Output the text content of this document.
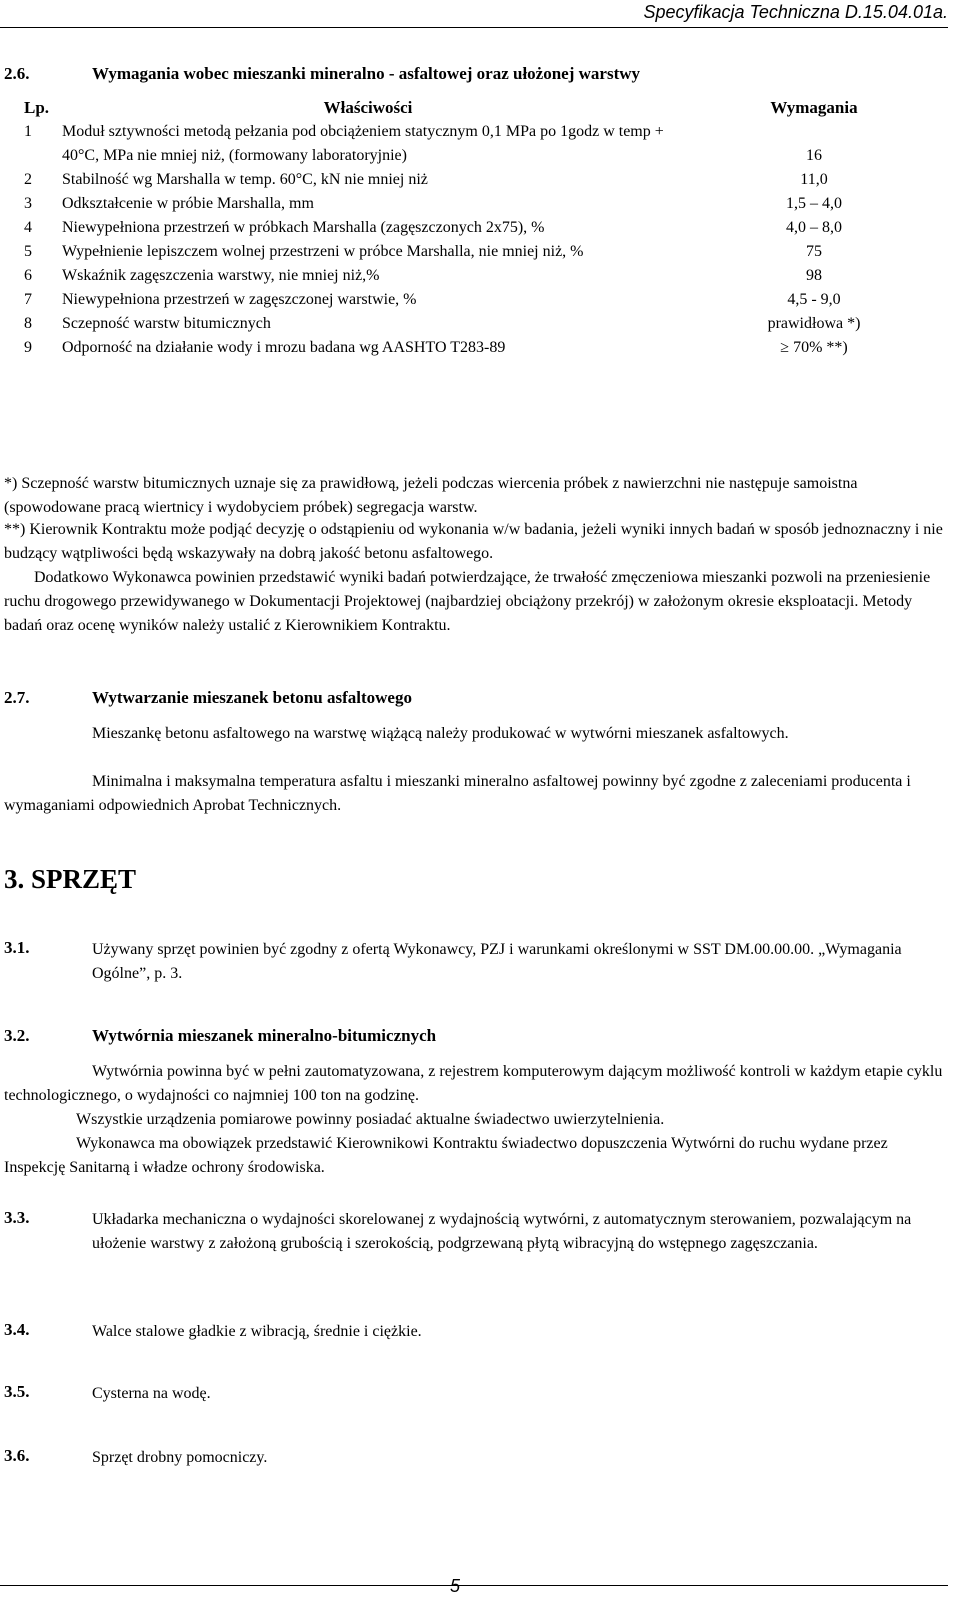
Specyfikacja Techniczna D.15.04.01a.
2.6.	Wymagania wobec mieszanki mineralno - asfaltowej oraz ułożonej warstwy
Lp.	Właściwości	Wymagania
1	Moduł sztywności metodą pełzania pod obciążeniem statycznym 0,1 MPa po 1godz w temp + 40°C, MPa nie mniej niż, (formowany laboratoryjnie)	16
2	Stabilność wg Marshalla w temp. 60°C, kN nie mniej niż	11,0
3	Odkształcenie w próbie Marshalla, mm	1,5 – 4,0
4	Niewypełniona przestrzeń w próbkach Marshalla (zagęszczonych 2x75), %	4,0 – 8,0
5	Wypełnienie lepiszczem wolnej przestrzeni w próbce Marshalla, nie mniej niż, %	75
6	Wskaźnik zagęszczenia warstwy, nie mniej niż,%	98
7	Niewypełniona przestrzeń w zagęszczonej warstwie, %	4,5 - 9,0
8	Sczepność warstw bitumicznych	prawidłowa *)
9	Odporność na działanie wody i mrozu badana wg AASHTO T283-89	≥ 70% **)
*) Sczepność warstw bitumicznych uznaje się za prawidłową, jeżeli podczas wiercenia próbek z nawierzchni nie następuje samoistna (spowodowane pracą wiertnicy i wydobyciem próbek) segregacja warstw.
**) Kierownik Kontraktu może podjąć decyzję o odstąpieniu od wykonania w/w badania, jeżeli wyniki innych badań w sposób jednoznaczny i nie budzący wątpliwości będą wskazywały na dobrą jakość betonu asfaltowego.
Dodatkowo Wykonawca powinien przedstawić wyniki badań potwierdzające, że trwałość zmęczeniowa mieszanki pozwoli na przeniesienie ruchu drogowego przewidywanego w Dokumentacji Projektowej (najbardziej obciążony przekrój) w założonym okresie eksploatacji. Metody badań oraz ocenę wyników należy ustalić z Kierownikiem Kontraktu.
2.7.	Wytwarzanie mieszanek betonu asfaltowego
Mieszankę betonu asfaltowego na warstwę wiążącą należy produkować w wytwórni mieszanek asfaltowych.
Minimalna i maksymalna temperatura asfaltu i mieszanki mineralno asfaltowej powinny być zgodne z zaleceniami producenta i wymaganiami odpowiednich Aprobat Technicznych.
3. SPRZĘT
3.1.	Używany sprzęt powinien być zgodny z ofertą Wykonawcy, PZJ i warunkami określonymi w SST DM.00.00.00. „Wymagania Ogólne”, p. 3.
3.2.	Wytwórnia mieszanek mineralno-bitumicznych
Wytwórnia powinna być w pełni zautomatyzowana, z rejestrem komputerowym dającym możliwość kontroli w każdym etapie cyklu technologicznego, o wydajności co najmniej 100 ton na godzinę.
Wszystkie urządzenia pomiarowe powinny posiadać aktualne świadectwo uwierzytelnienia.
Wykonawca ma obowiązek przedstawić Kierownikowi Kontraktu świadectwo dopuszczenia Wytwórni do ruchu wydane przez Inspekcję Sanitarną i władze ochrony środowiska.
3.3.	Układarka mechaniczna o wydajności skorelowanej z wydajnością wytwórni, z automatycznym sterowaniem, pozwalającym na ułożenie warstwy z założoną grubością i szerokością, podgrzewaną płytą wibracyjną do wstępnego zagęszczania.
3.4.	Walce stalowe gładkie z wibracją, średnie i ciężkie.
3.5.	Cysterna na wodę.
3.6.	Sprzęt drobny pomocniczy.
5
